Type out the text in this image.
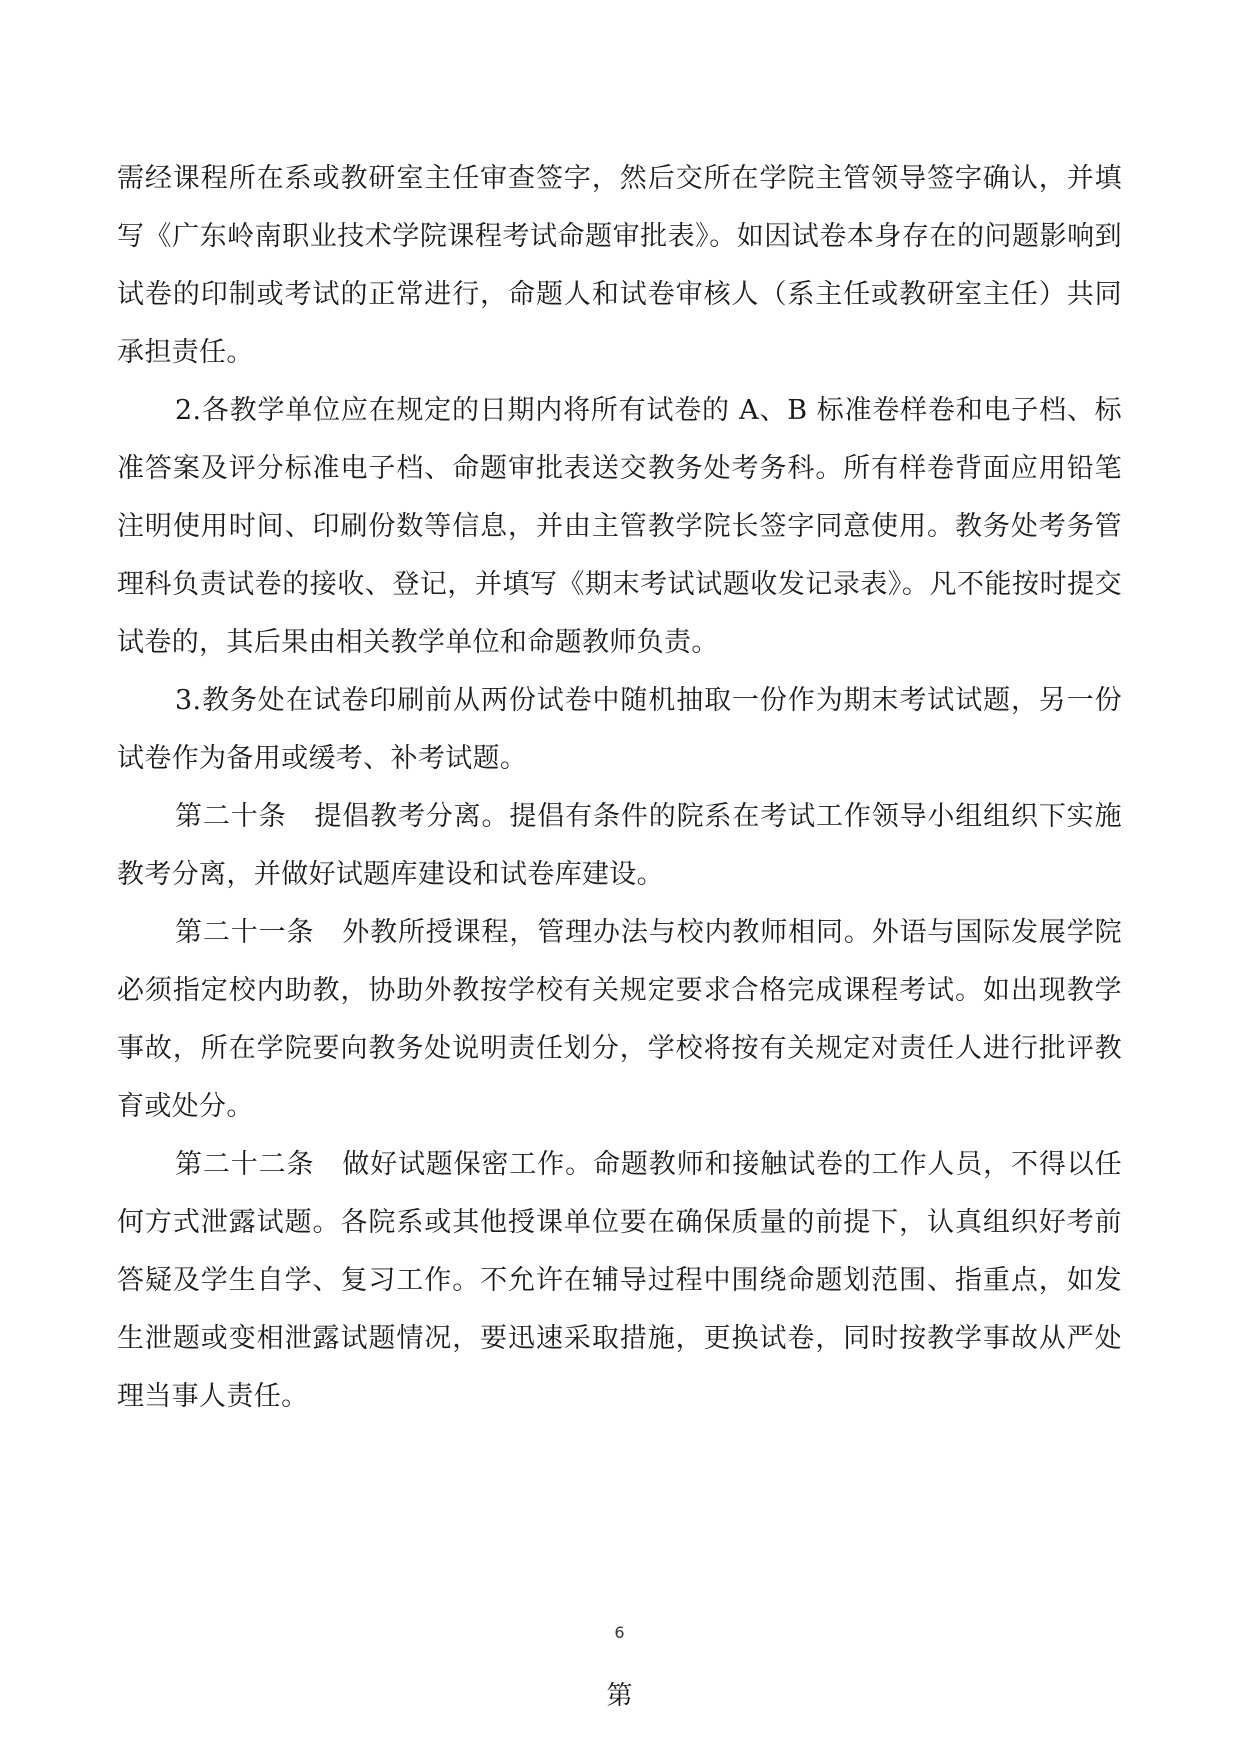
需经课程所在系或教研室主任审查签字，然后交所在学院主管领导签字确认，并填写《广东岭南职业技术学院课程考试命题审批表》。如因试卷本身存在的问题影响到试卷的印制或考试的正常进行，命题人和试卷审核人（系主任或教研室主任）共同承担责任。

2.各教学单位应在规定的日期内将所有试卷的 A、B 标准卷样卷和电子档、标准答案及评分标准电子档、命题审批表送交教务处考务科。所有样卷背面应用铅笔注明使用时间、印刷份数等信息，并由主管教学院长签字同意使用。教务处考务管理科负责试卷的接收、登记，并填写《期末考试试题收发记录表》。凡不能按时提交试卷的，其后果由相关教学单位和命题教师负责。

3.教务处在试卷印刷前从两份试卷中随机抽取一份作为期末考试试题，另一份试卷作为备用或缓考、补考试题。

第二十条　提倡教考分离。提倡有条件的院系在考试工作领导小组组织下实施教考分离，并做好试题库建设和试卷库建设。

第二十一条　外教所授课程，管理办法与校内教师相同。外语与国际发展学院必须指定校内助教，协助外教按学校有关规定要求合格完成课程考试。如出现教学事故，所在学院要向教务处说明责任划分，学校将按有关规定对责任人进行批评教育或处分。

第二十二条　做好试题保密工作。命题教师和接触试卷的工作人员，不得以任何方式泄露试题。各院系或其他授课单位要在确保质量的前提下，认真组织好考前答疑及学生自学、复习工作。不允许在辅导过程中围绕命题划范围、指重点，如发生泄题或变相泄露试题情况，要迅速采取措施，更换试卷，同时按教学事故从严处理当事人责任。

6
第
